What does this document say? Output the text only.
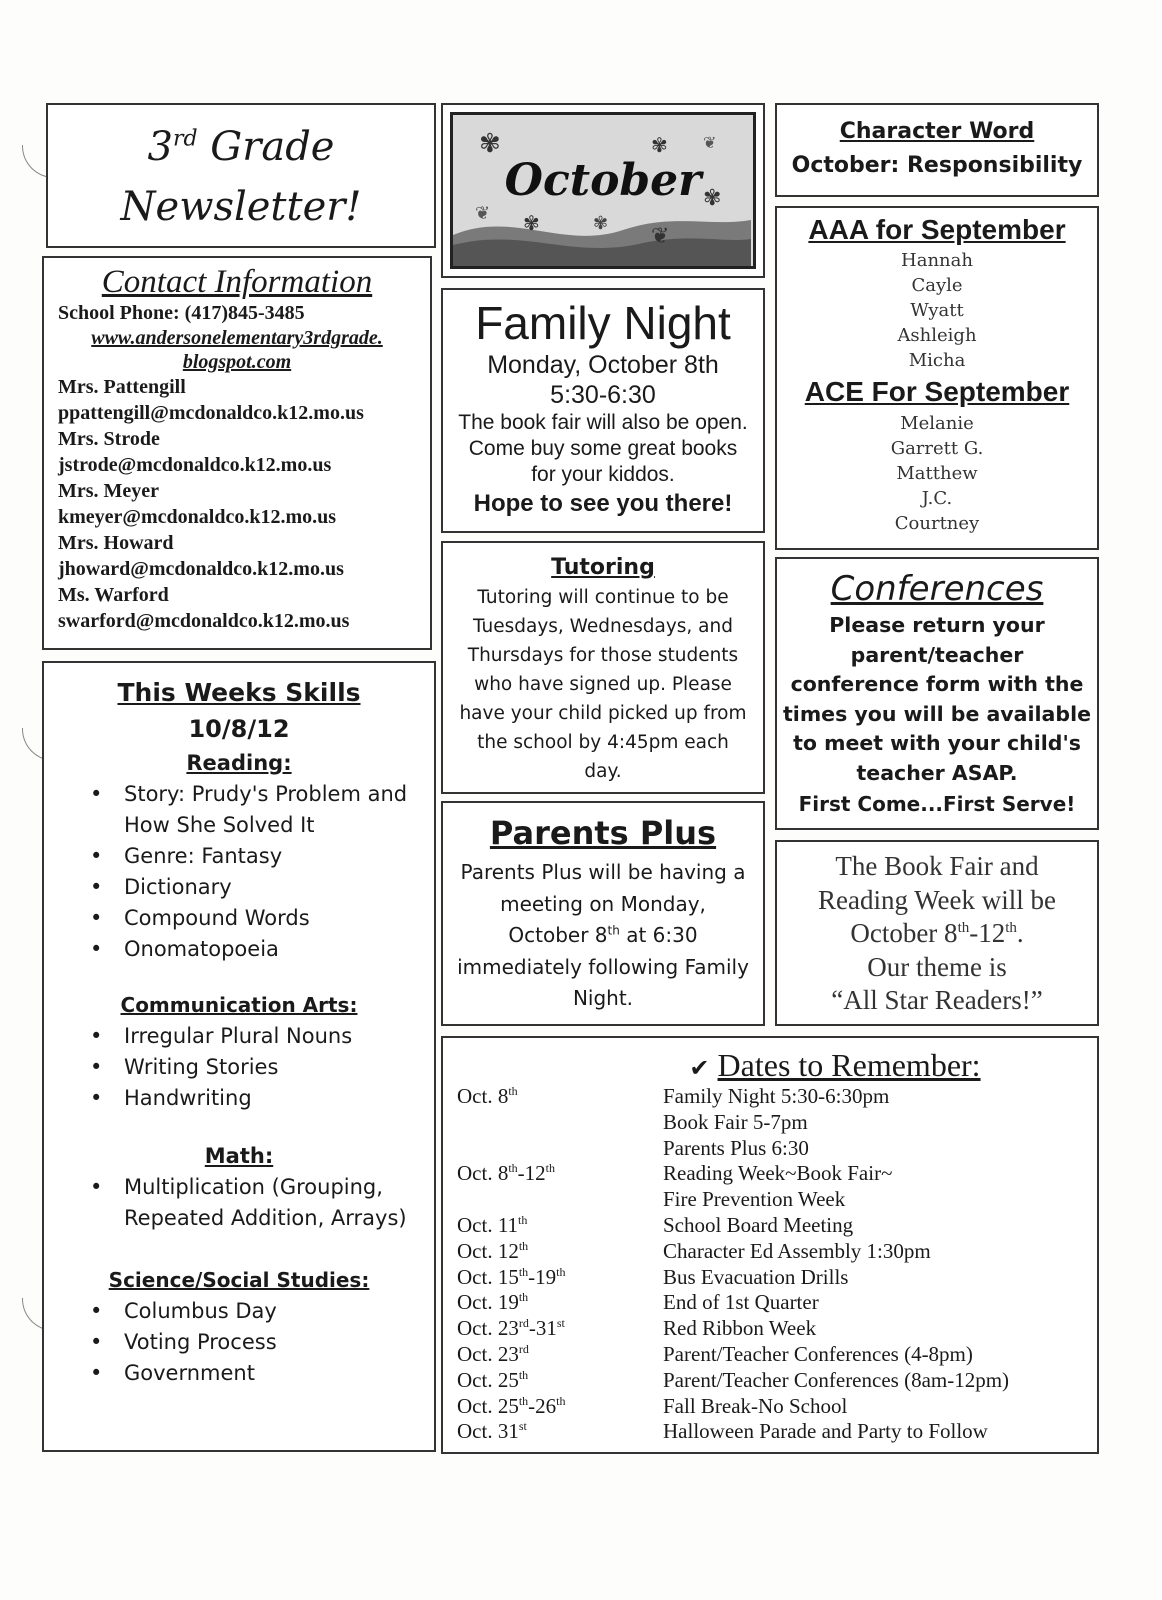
3rd Grade
Newsletter!
Contact Information
School Phone: (417)845-3485
www.andersonelementary3rdgrade.
blogspot.com
Mrs. Pattengill
ppattengill@mcdonaldco.k12.mo.us
Mrs. Strode
jstrode@mcdonaldco.k12.mo.us
Mrs. Meyer
kmeyer@mcdonaldco.k12.mo.us
Mrs. Howard
jhoward@mcdonaldco.k12.mo.us
Ms. Warford
swarford@mcdonaldco.k12.mo.us
This Weeks Skills
10/8/12
Reading:
• Story: Prudy's Problem and How She Solved It
• Genre: Fantasy
• Dictionary
• Compound Words
• Onomatopoeia
Communication Arts:
• Irregular Plural Nouns
• Writing Stories
• Handwriting
Math:
• Multiplication (Grouping, Repeated Addition, Arrays)
Science/Social Studies:
• Columbus Day
• Voting Process
• Government
✾	✾ ❦
✾
❦ ✾	✾ ❦
October
Family Night
Monday, October 8th
5:30-6:30
The book fair will also be open. Come buy some great books for your kiddos.
Hope to see you there!
Tutoring
Tutoring will continue to be Tuesdays, Wednesdays, and Thursdays for those students who have signed up. Please have your child picked up from the school by 4:45pm each day.
Parents Plus
Parents Plus will be having a meeting on Monday, October 8th at 6:30 immediately following Family Night.
Character Word
October: Responsibility
AAA for September
Hannah
Cayle
Wyatt
Ashleigh
Micha
ACE For September
Melanie
Garrett G.
Matthew
J.C.
Courtney
Conferences
Please return your parent/teacher conference form with the times you will be available to meet with your child's teacher ASAP.
First Come...First Serve!
The Book Fair and
Reading Week will be
October 8th-12th.
Our theme is
“All Star Readers!”
✔ Dates to Remember:
Oct. 8th	Family Night 5:30-6:30pm
Book Fair 5-7pm
Parents Plus 6:30
Oct. 8th-12th	Reading Week~Book Fair~
Fire Prevention Week
Oct. 11th	School Board Meeting
Oct. 12th	Character Ed Assembly 1:30pm
Oct. 15th-19th	Bus Evacuation Drills
Oct. 19th	End of 1st Quarter
Oct. 23rd-31st	Red Ribbon Week
Oct. 23rd	Parent/Teacher Conferences (4-8pm)
Oct. 25th	Parent/Teacher Conferences (8am-12pm)
Oct. 25th-26th	Fall Break-No School
Oct. 31st	Halloween Parade and Party to Follow
